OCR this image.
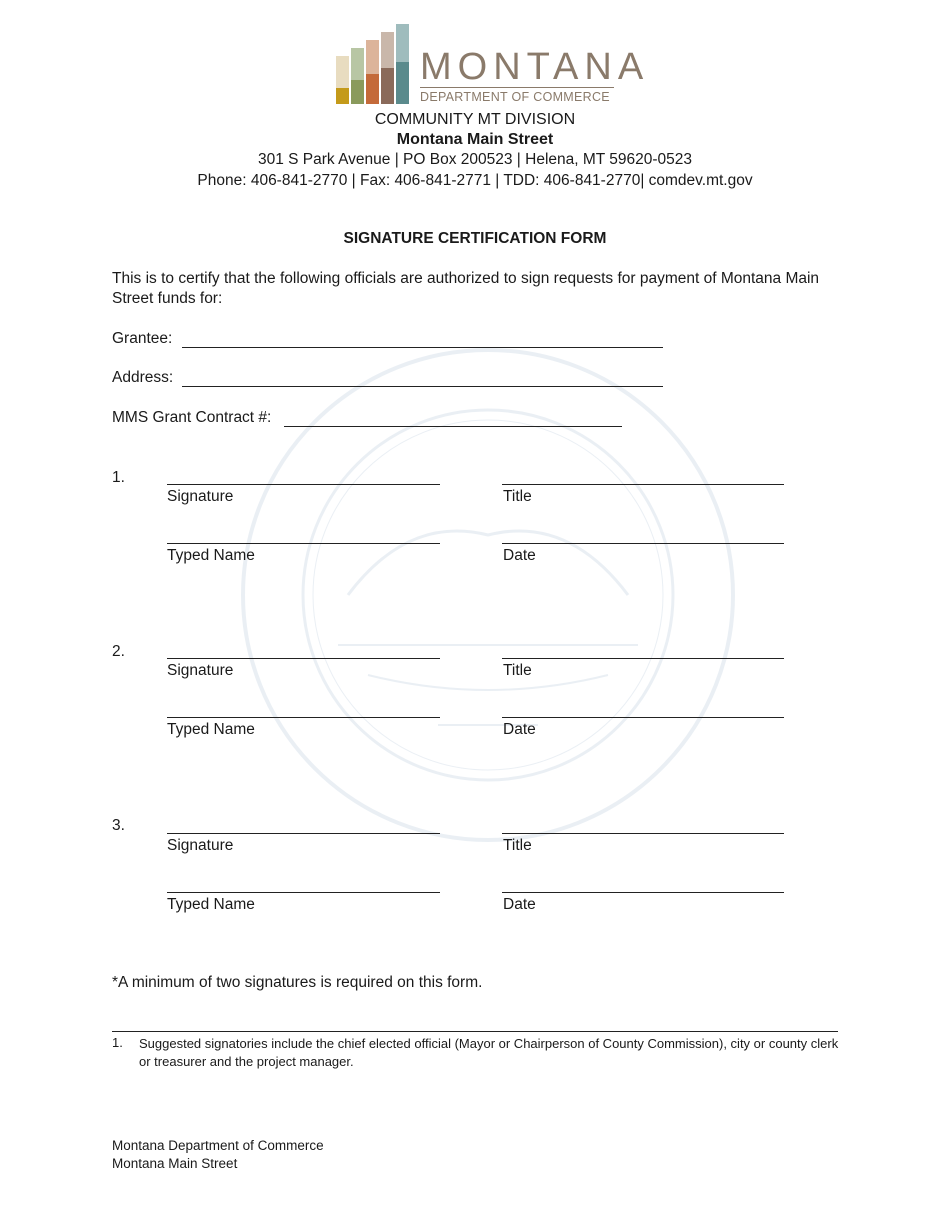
MONTANA
DEPARTMENT OF COMMERCE
COMMUNITY MT DIVISION
Montana Main Street
301 S Park Avenue | PO Box 200523 | Helena, MT 59620-0523
Phone: 406-841-2770 | Fax: 406-841-2771 | TDD: 406-841-2770| comdev.mt.gov
SIGNATURE CERTIFICATION FORM
This is to certify that the following officials are authorized to sign requests for payment of Montana Main Street funds for:
Grantee:
Address:
MMS Grant Contract #:
1.
Signature	Title
Typed Name	Date
2.
Signature	Title
Typed Name	Date
3.
Signature	Title
Typed Name	Date
*A minimum of two signatures is required on this form.
1. Suggested signatories include the chief elected official (Mayor or Chairperson of County Commission), city or county clerk or treasurer and the project manager.
Montana Department of Commerce
Montana Main Street
